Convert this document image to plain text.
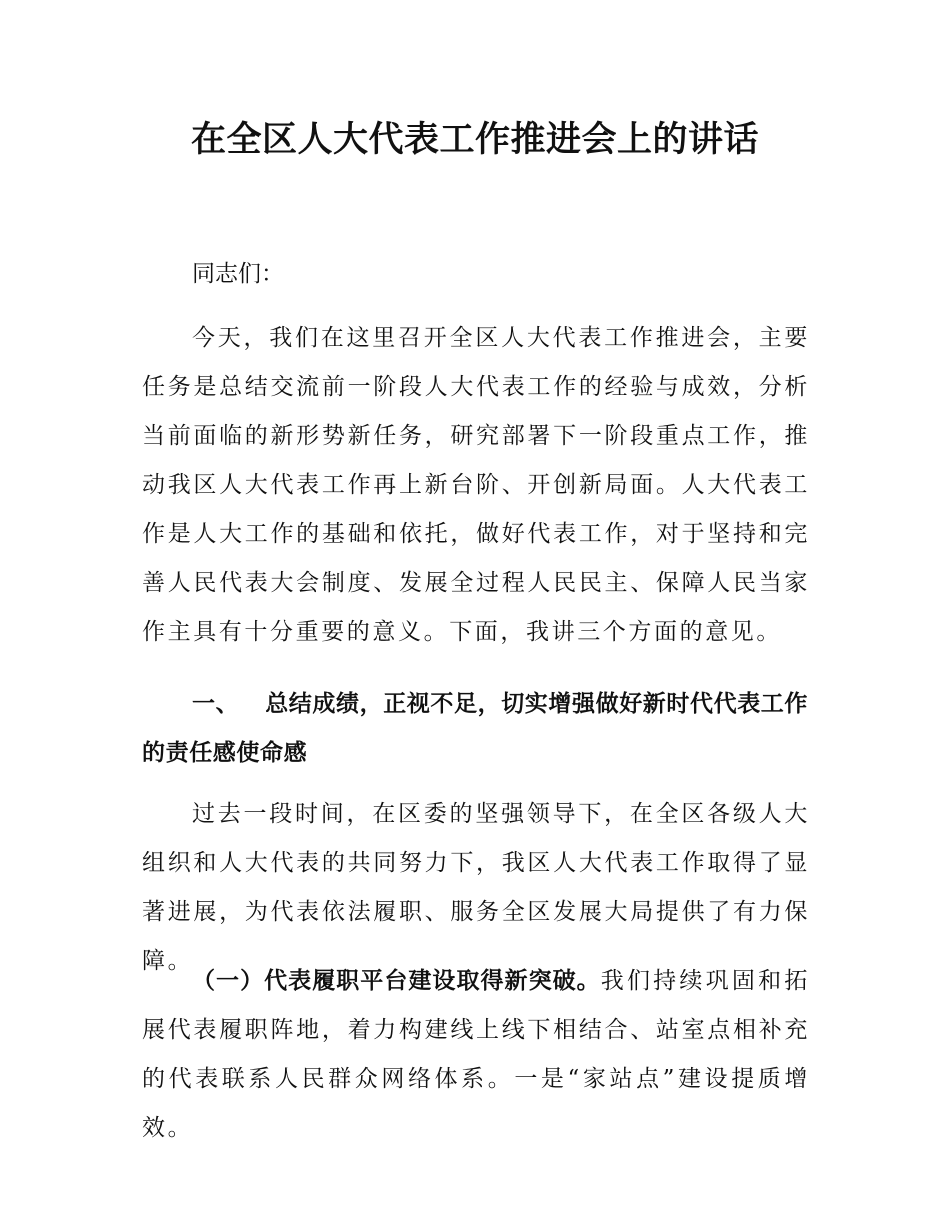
在全区人大代表工作推进会上的讲话
同志们：

今天，我们在这里召开全区人大代表工作推进会，主要任务是总结交流前一阶段人大代表工作的经验与成效，分析当前面临的新形势新任务，研究部署下一阶段重点工作，推动我区人大代表工作再上新台阶、开创新局面。人大代表工作是人大工作的基础和依托，做好代表工作，对于坚持和完善人民代表大会制度、发展全过程人民民主、保障人民当家作主具有十分重要的意义。下面，我讲三个方面的意见。

一、 总结成绩，正视不足，切实增强做好新时代代表工作的责任感使命感

过去一段时间，在区委的坚强领导下，在全区各级人大组织和人大代表的共同努力下，我区人大代表工作取得了显著进展，为代表依法履职、服务全区发展大局提供了有力保障。

（一）代表履职平台建设取得新突破。我们持续巩固和拓展代表履职阵地，着力构建线上线下相结合、站室点相补充的代表联系人民群众网络体系。一是“家站点”建设提质增效。
